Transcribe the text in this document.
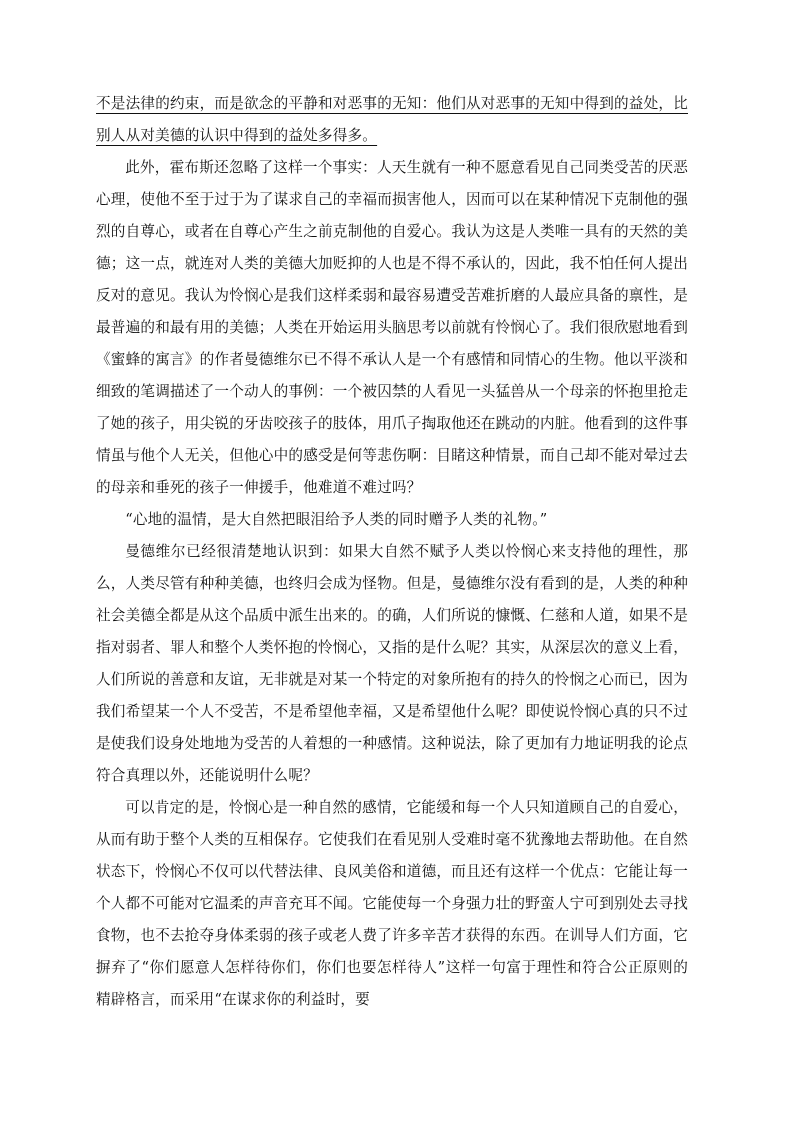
不是法律的约束，而是欲念的平静和对恶事的无知：他们从对恶事的无知中得到的益处，比别人从对美德的认识中得到的益处多得多。

此外，霍布斯还忽略了这样一个事实：人天生就有一种不愿意看见自己同类受苦的厌恶心理，使他不至于过于为了谋求自己的幸福而损害他人，因而可以在某种情况下克制他的强烈的自尊心，或者在自尊心产生之前克制他的自爱心。我认为这是人类唯一具有的天然的美德；这一点，就连对人类的美德大加贬抑的人也是不得不承认的，因此，我不怕任何人提出反对的意见。我认为怜悯心是我们这样柔弱和最容易遭受苦难折磨的人最应具备的禀性，是最普遍的和最有用的美德；人类在开始运用头脑思考以前就有怜悯心了。我们很欣慰地看到《蜜蜂的寓言》的作者曼德维尔已不得不承认人是一个有感情和同情心的生物。他以平淡和细致的笔调描述了一个动人的事例：一个被囚禁的人看见一头猛兽从一个母亲的怀抱里抢走了她的孩子，用尖锐的牙齿咬孩子的肢体，用爪子掏取他还在跳动的内脏。他看到的这件事情虽与他个人无关，但他心中的感受是何等悲伤啊：目睹这种情景，而自己却不能对晕过去的母亲和垂死的孩子一伸援手，他难道不难过吗？

“心地的温情，是大自然把眼泪给予人类的同时赠予人类的礼物。”

曼德维尔已经很清楚地认识到：如果大自然不赋予人类以怜悯心来支持他的理性，那么，人类尽管有种种美德，也终归会成为怪物。但是，曼德维尔没有看到的是，人类的种种社会美德全都是从这个品质中派生出来的。的确，人们所说的慷慨、仁慈和人道，如果不是指对弱者、罪人和整个人类怀抱的怜悯心，又指的是什么呢？其实，从深层次的意义上看，人们所说的善意和友谊，无非就是对某一个特定的对象所抱有的持久的怜悯之心而已，因为我们希望某一个人不受苦，不是希望他幸福，又是希望他什么呢？即使说怜悯心真的只不过是使我们设身处地地为受苦的人着想的一种感情。这种说法，除了更加有力地证明我的论点符合真理以外，还能说明什么呢？

可以肯定的是，怜悯心是一种自然的感情，它能缓和每一个人只知道顾自己的自爱心，从而有助于整个人类的互相保存。它使我们在看见别人受难时毫不犹豫地去帮助他。在自然状态下，怜悯心不仅可以代替法律、良风美俗和道德，而且还有这样一个优点：它能让每一个人都不可能对它温柔的声音充耳不闻。它能使每一个身强力壮的野蛮人宁可到别处去寻找食物，也不去抢夺身体柔弱的孩子或老人费了许多辛苦才获得的东西。在训导人们方面，它摒弃了“你们愿意人怎样待你们，你们也要怎样待人”这样一句富于理性和符合公正原则的精辟格言，而采用“在谋求你的利益时，要
